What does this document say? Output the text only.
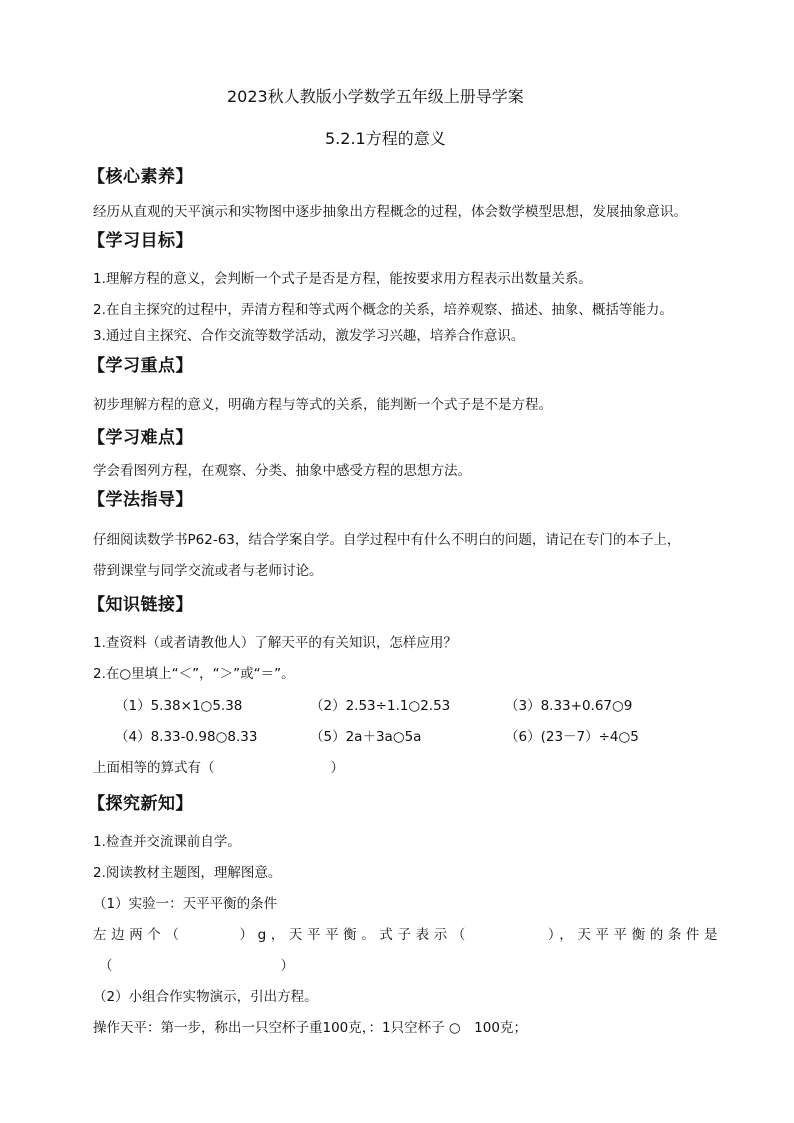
2023秋人教版小学数学五年级上册导学案
5.2.1方程的意义
【核心素养】
经历从直观的天平演示和实物图中逐步抽象出方程概念的过程，体会数学模型思想，发展抽象意识。
【学习目标】
1.理解方程的意义，会判断一个式子是否是方程，能按要求用方程表示出数量关系。
2.在自主探究的过程中，弄清方程和等式两个概念的关系，培养观察、描述、抽象、概括等能力。
3.通过自主探究、合作交流等数学活动，激发学习兴趣，培养合作意识。
【学习重点】
初步理解方程的意义，明确方程与等式的关系，能判断一个式子是不是方程。
【学习难点】
学会看图列方程，在观察、分类、抽象中感受方程的思想方法。
【学法指导】
仔细阅读数学书P62-63，结合学案自学。自学过程中有什么不明白的问题，请记在专门的本子上，
带到课堂与同学交流或者与老师讨论。
【知识链接】
1.查资料（或者请教他人）了解天平的有关知识，怎样应用？
2.在○里填上“＜”，“＞”或“＝”。
（1）5.38×1○5.38	（2）2.53÷1.1○2.53	（3）8.33+0.67○9
（4）8.33-0.98○8.33	（5）2a＋3a○5a	（6）(23－7）÷4○5
上面相等的算式有（	）
【探究新知】
1.检查并交流课前自学。
2.阅读教材主题图，理解图意。
（1）实验一：天平平衡的条件
左边两个（	）g，天平平衡。式子表示（	），天平平衡的条件是
（	）
（2）小组合作实物演示，引出方程。
操作天平：第一步，称出一只空杯子重100克，：1只空杯子 ○　100克；
